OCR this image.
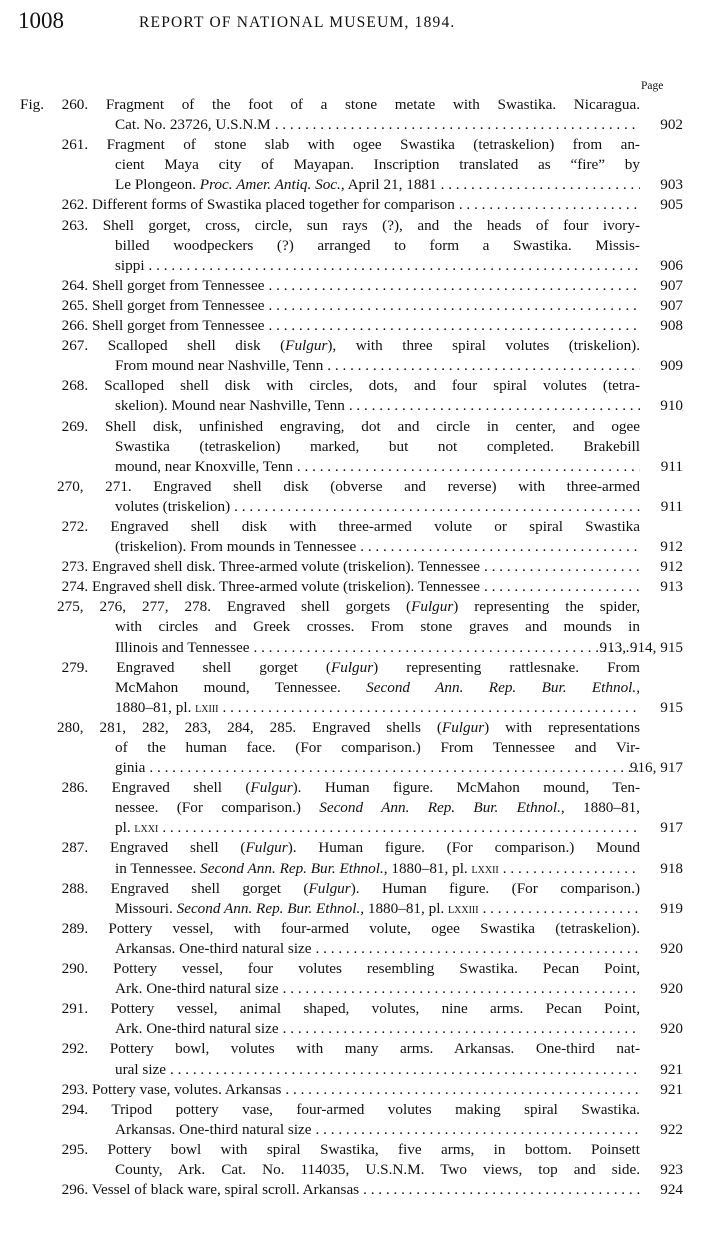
1008	REPORT OF NATIONAL MUSEUM, 1894.
Page
Fig. 260. Fragment of the foot of a stone metate with Swastika. Nicaragua.
Cat. No. 23726, U.S.N.M . . .	902
261. Fragment of stone slab with ogee Swastika (tetraskelion) from an-
cient Maya city of Mayapan. Inscription translated as “fire” by
Le Plongeon. Proc. Amer. Antiq. Soc., April 21, 1881 . . .	903
262. Different forms of Swastika placed together for comparison . . .	905
263. Shell gorget, cross, circle, sun rays (?), and the heads of four ivory-
billed woodpeckers (?) arranged to form a Swastika. Missis-
sippi . . .	906
264. Shell gorget from Tennessee . . .	907
265. Shell gorget from Tennessee . . .	907
266. Shell gorget from Tennessee . . .	908
267. Scalloped shell disk (Fulgur), with three spiral volutes (triskelion).
From mound near Nashville, Tenn . . .	909
268. Scalloped shell disk with circles, dots, and four spiral volutes (tetra-
skelion). Mound near Nashville, Tenn . . .	910
269. Shell disk, unfinished engraving, dot and circle in center, and ogee
Swastika (tetraskelion) marked, but not completed. Brakebill
mound, near Knoxville, Tenn . . .	911
270, 271. Engraved shell disk (obverse and reverse) with three-armed
volutes (triskelion) . . .	911
272. Engraved shell disk with three-armed volute or spiral Swastika
(triskelion). From mounds in Tennessee . . .	912
273. Engraved shell disk. Three-armed volute (triskelion). Tennessee . . .	912
274. Engraved shell disk. Three-armed volute (triskelion). Tennessee . . .	913
275, 276, 277, 278. Engraved shell gorgets (Fulgur) representing the spider,
with circles and Greek crosses. From stone graves and mounds in
Illinois and Tennessee . . .	913, 914, 915
279. Engraved shell gorget (Fulgur) representing rattlesnake. From
McMahon mound, Tennessee. Second Ann. Rep. Bur. Ethnol.,
1880–81, pl. lxiii . . .	915
280, 281, 282, 283, 284, 285. Engraved shells (Fulgur) with representations
of the human face. (For comparison.) From Tennessee and Vir-
ginia . . .	916, 917
286. Engraved shell (Fulgur). Human figure. McMahon mound, Ten-
nessee. (For comparison.) Second Ann. Rep. Bur. Ethnol., 1880–81,
pl. lxxi . . .	917
287. Engraved shell (Fulgur). Human figure. (For comparison.) Mound
in Tennessee. Second Ann. Rep. Bur. Ethnol., 1880–81, pl. lxxii . . .	918
288. Engraved shell gorget (Fulgur). Human figure. (For comparison.)
Missouri. Second Ann. Rep. Bur. Ethnol., 1880–81, pl. lxxiii . . .	919
289. Pottery vessel, with four-armed volute, ogee Swastika (tetraskelion).
Arkansas. One-third natural size . . .	920
290. Pottery vessel, four volutes resembling Swastika. Pecan Point,
Ark. One-third natural size . . .	920
291. Pottery vessel, animal shaped, volutes, nine arms. Pecan Point,
Ark. One-third natural size . . .	920
292. Pottery bowl, volutes with many arms. Arkansas. One-third nat-
ural size . . .	921
293. Pottery vase, volutes. Arkansas . . .	921
294. Tripod pottery vase, four-armed volutes making spiral Swastika.
Arkansas. One-third natural size . . .	922
295. Pottery bowl with spiral Swastika, five arms, in bottom. Poinsett
County, Ark. Cat. No. 114035, U.S.N.M. Two views, top and side. 923
296. Vessel of black ware, spiral scroll. Arkansas . . .	924
